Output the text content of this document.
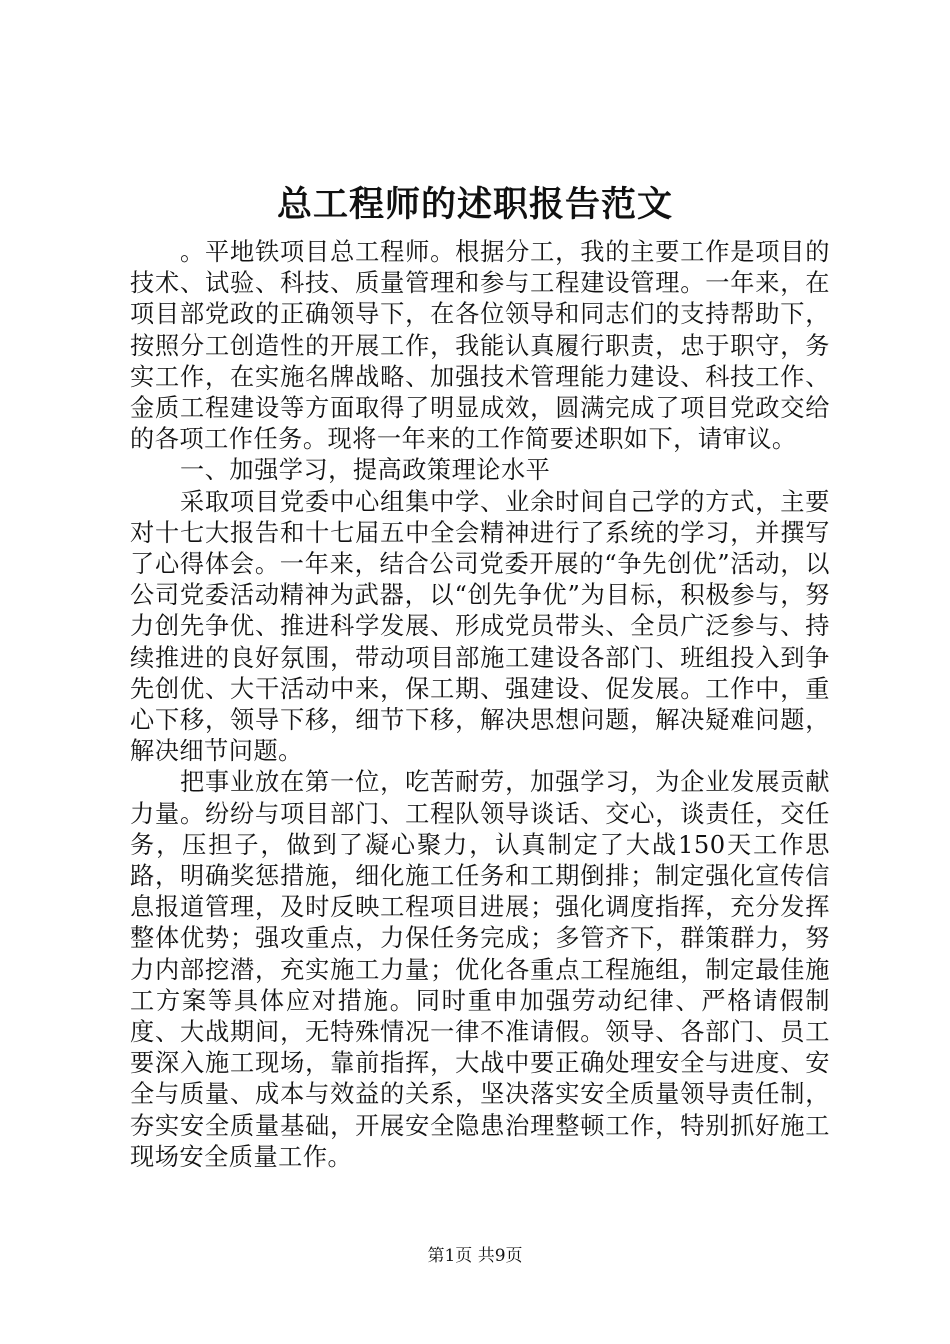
总工程师的述职报告范文

。平地铁项目总工程师。根据分工，我的主要工作是项目的技术、试验、科技、质量管理和参与工程建设管理。一年来，在项目部党政的正确领导下，在各位领导和同志们的支持帮助下，按照分工创造性的开展工作，我能认真履行职责，忠于职守，务实工作，在实施名牌战略、加强技术管理能力建设、科技工作、金质工程建设等方面取得了明显成效，圆满完成了项目党政交给的各项工作任务。现将一年来的工作简要述职如下，请审议。

一、加强学习，提高政策理论水平

采取项目党委中心组集中学、业余时间自己学的方式，主要对十七大报告和十七届五中全会精神进行了系统的学习，并撰写了心得体会。一年来，结合公司党委开展的“争先创优”活动，以公司党委活动精神为武器，以“创先争优”为目标，积极参与，努力创先争优、推进科学发展、形成党员带头、全员广泛参与、持续推进的良好氛围，带动项目部施工建设各部门、班组投入到争先创优、大干活动中来，保工期、强建设、促发展。工作中，重心下移，领导下移，细节下移，解决思想问题，解决疑难问题，解决细节问题。

把事业放在第一位，吃苦耐劳，加强学习，为企业发展贡献力量。纷纷与项目部门、工程队领导谈话、交心，谈责任，交任务，压担子，做到了凝心聚力，认真制定了大战150天工作思路，明确奖惩措施，细化施工任务和工期倒排；制定强化宣传信息报道管理，及时反映工程项目进展；强化调度指挥，充分发挥整体优势；强攻重点，力保任务完成；多管齐下，群策群力，努力内部挖潜，充实施工力量；优化各重点工程施组，制定最佳施工方案等具体应对措施。同时重申加强劳动纪律、严格请假制度、大战期间，无特殊情况一律不准请假。领导、各部门、员工要深入施工现场，靠前指挥，大战中要正确处理安全与进度、安全与质量、成本与效益的关系，坚决落实安全质量领导责任制，夯实安全质量基础，开展安全隐患治理整顿工作，特别抓好施工现场安全质量工作。

第1页 共9页
